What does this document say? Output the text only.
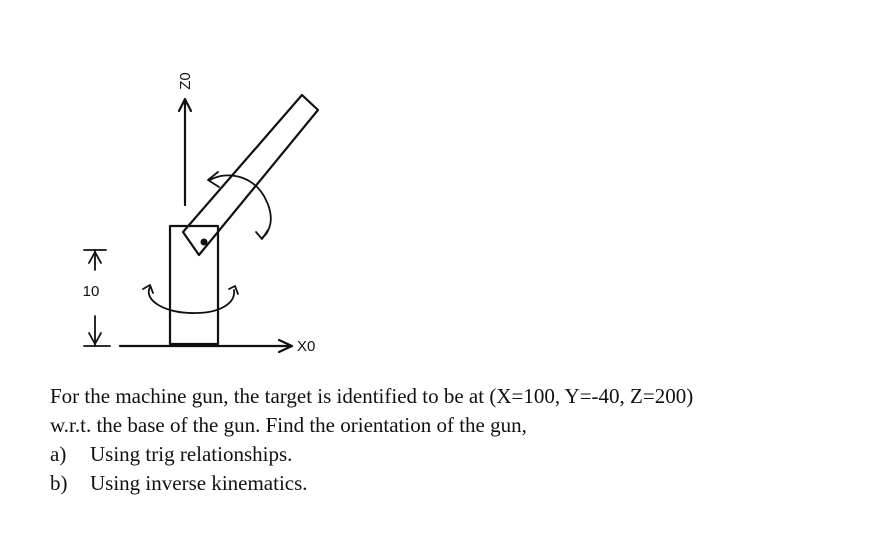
Z0
X0
10
For the machine gun, the target is identified to be at (X=100, Y=-40, Z=200)
w.r.t. the base of the gun. Find the orientation of the gun,
a)	Using trig relationships.
b)	Using inverse kinematics.
